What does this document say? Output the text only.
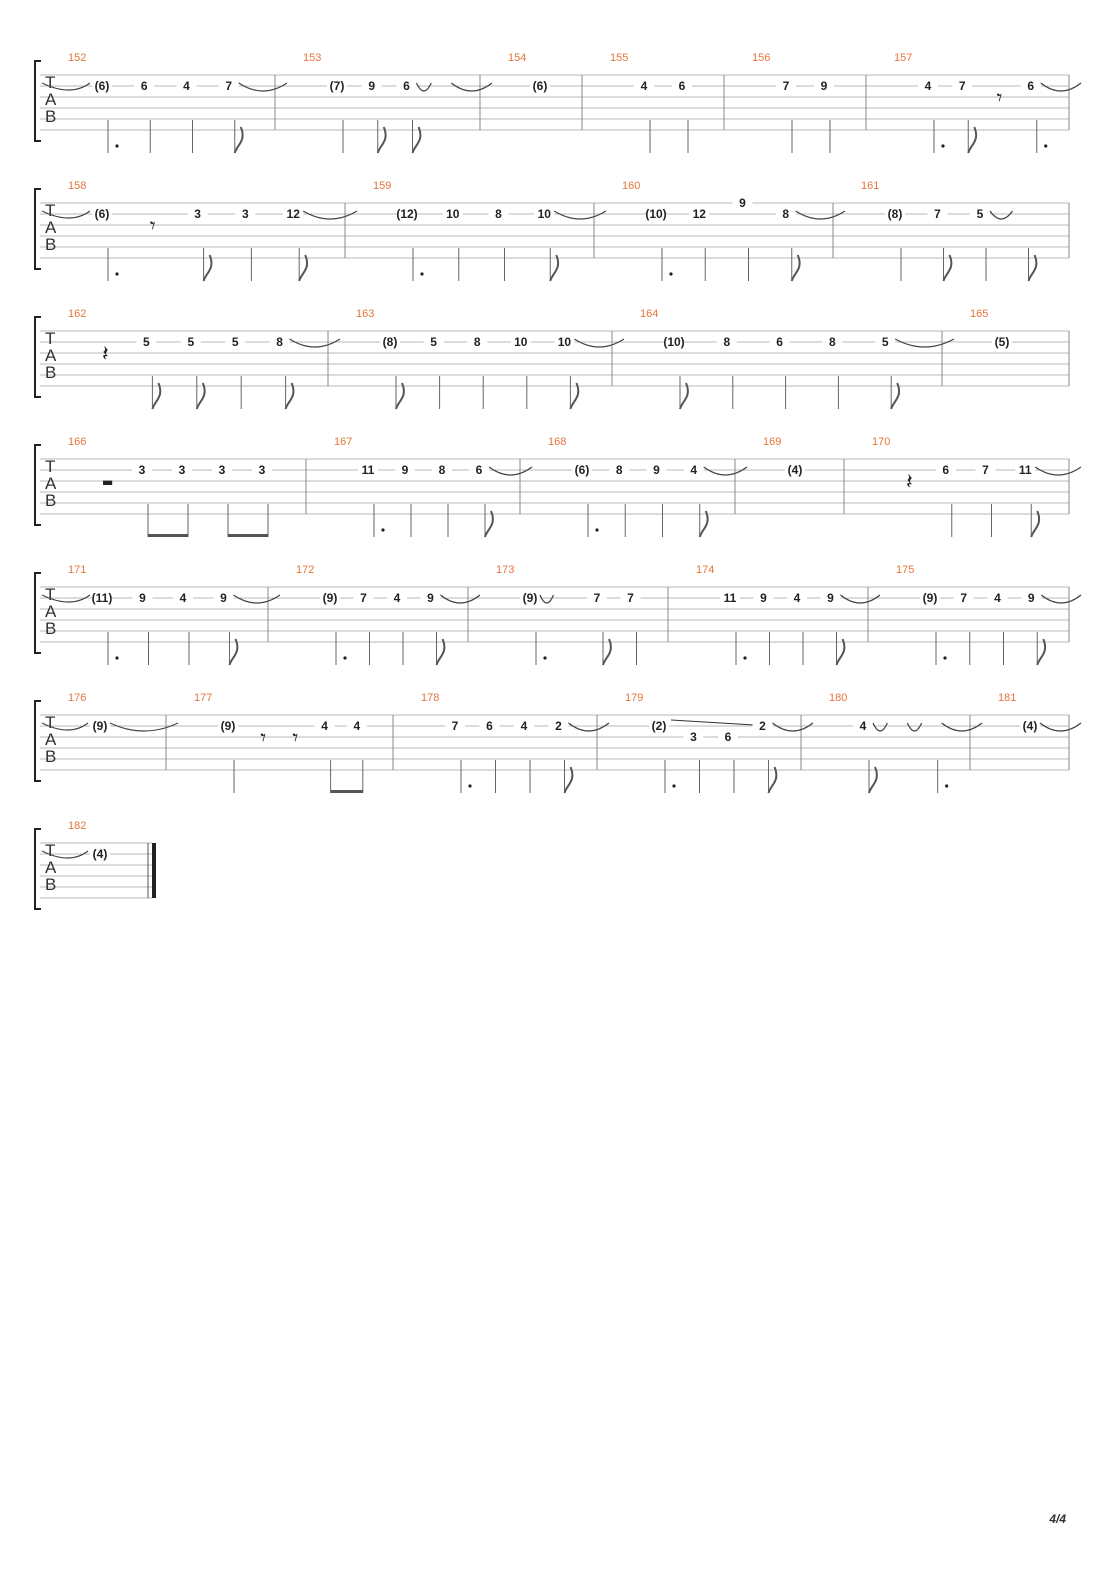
T
A
B
152
(6)	6	4	7
153
(7) 9 6
154
(6)
155
4	6
156
7	9
157
4 7 𝄾 6
T
A
B
158
(6) 𝄾	3	3	12
159
(12) 10	8	10
160
(10) 12
9
8
161
(8)	7	5
T
A
B
162
𝄽	5	5	5	8
163
(8)	5	8	10	10
164
(10)	8	6	8	5
165
(5)
T
A
B
166
▬
3	3	3	3
167
11 9	8	6
168
(6) 8	9	4
169
(4)
170
𝄽 6	7	11
T
A
B
171
(11) 9	4	9
172
(9) 7 4 9
173
(9)	7 7
174
11 9 4 9
175
(9) 7 4 9
T
A
B
176
(9)
177
(9) 𝄾 𝄾 4 4
178
7 6 4 2
179
(2)
3 6
2
180
4
181
(4)
T
A
B
182
(4)
4/4
